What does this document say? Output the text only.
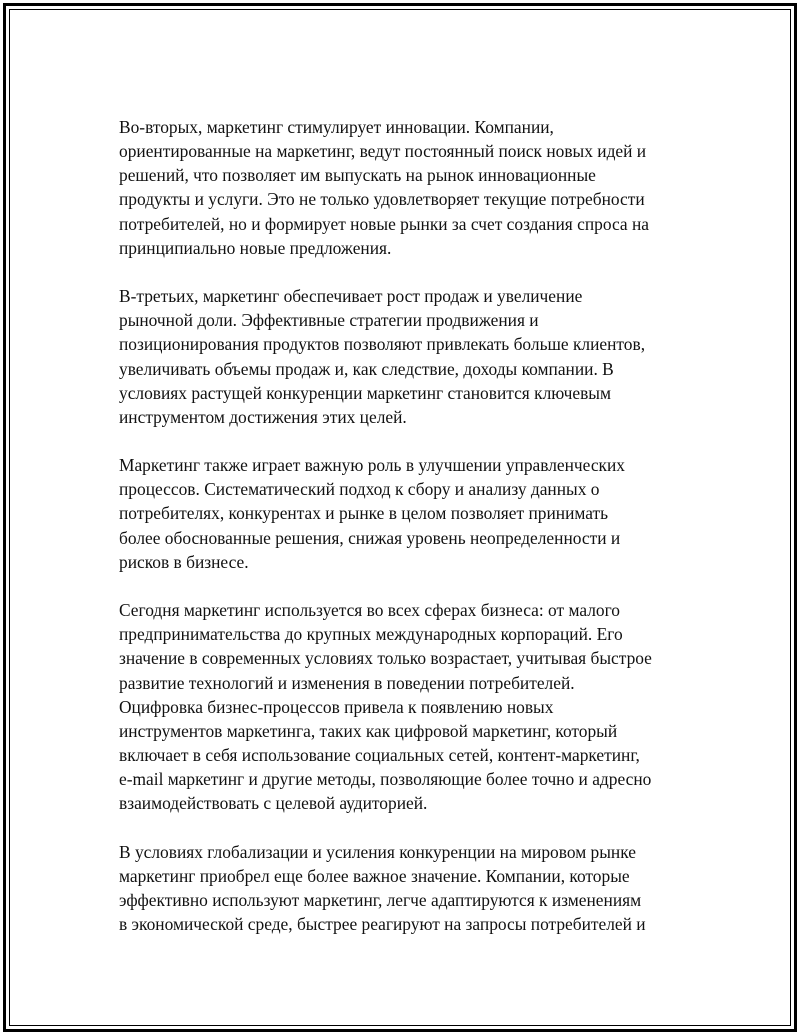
Во-вторых, маркетинг стимулирует инновации. Компании,
ориентированные на маркетинг, ведут постоянный поиск новых идей и
решений, что позволяет им выпускать на рынок инновационные
продукты и услуги. Это не только удовлетворяет текущие потребности
потребителей, но и формирует новые рынки за счет создания спроса на
принципиально новые предложения.

В-третьих, маркетинг обеспечивает рост продаж и увеличение
рыночной доли. Эффективные стратегии продвижения и
позиционирования продуктов позволяют привлекать больше клиентов,
увеличивать объемы продаж и, как следствие, доходы компании. В
условиях растущей конкуренции маркетинг становится ключевым
инструментом достижения этих целей.

Маркетинг также играет важную роль в улучшении управленческих
процессов. Систематический подход к сбору и анализу данных о
потребителях, конкурентах и рынке в целом позволяет принимать
более обоснованные решения, снижая уровень неопределенности и
рисков в бизнесе.

Сегодня маркетинг используется во всех сферах бизнеса: от малого
предпринимательства до крупных международных корпораций. Его
значение в современных условиях только возрастает, учитывая быстрое
развитие технологий и изменения в поведении потребителей.
Оцифровка бизнес-процессов привела к появлению новых
инструментов маркетинга, таких как цифровой маркетинг, который
включает в себя использование социальных сетей, контент-маркетинг,
e-mail маркетинг и другие методы, позволяющие более точно и адресно
взаимодействовать с целевой аудиторией.

В условиях глобализации и усиления конкуренции на мировом рынке
маркетинг приобрел еще более важное значение. Компании, которые
эффективно используют маркетинг, легче адаптируются к изменениям
в экономической среде, быстрее реагируют на запросы потребителей и
